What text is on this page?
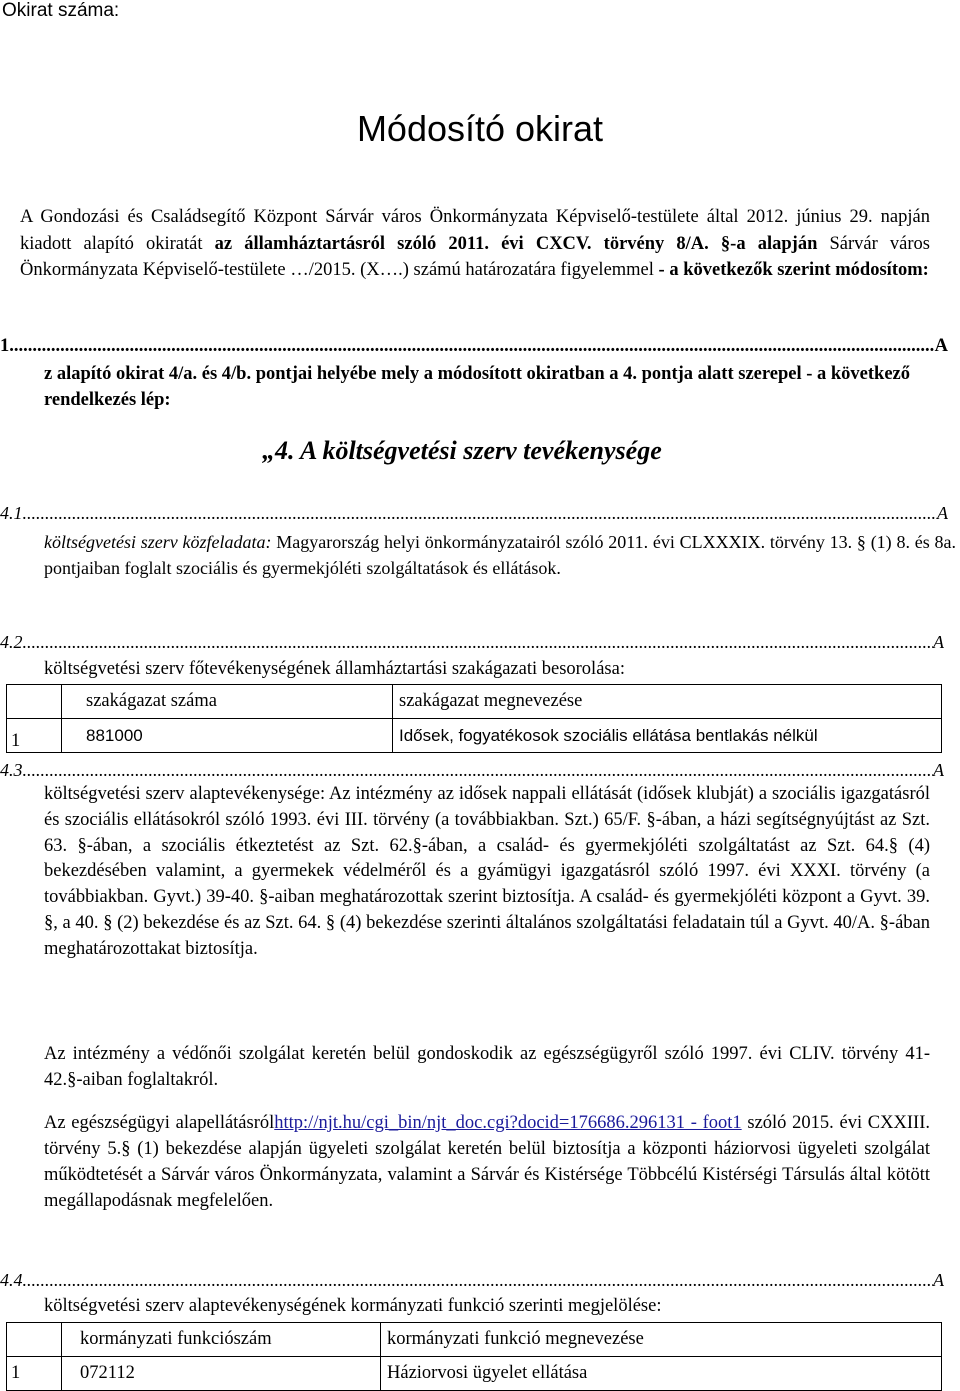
Okirat száma:
Módosító okirat
A Gondozási és Családsegítő Központ Sárvár város Önkormányzata Képviselő-testülete által 2012. június 29. napján kiadott alapító okiratát az államháztartásról szóló 2011. évi CXCV. törvény 8/A. §-a alapján Sárvár város Önkormányzata Képviselő-testülete …/2015. (X….) számú határozatára figyelemmel - a következők szerint módosítom:
1. .....	A
z alapító okirat 4/a. és 4/b. pontjai helyébe mely a módosított okiratban a 4. pontja alatt szerepel - a következő rendelkezés lép:
„4. A költségvetési szerv tevékenysége
4.1 .....	A
költségvetési szerv közfeladata: Magyarország helyi önkormányzatairól szóló 2011. évi CLXXXIX. törvény 13. § (1) 8. és 8a. pontjaiban foglalt szociális és gyermekjóléti szolgáltatások és ellátások.
4.2 .....	A
költségvetési szerv főtevékenységének államháztartási szakágazati besorolása:
	szakágazat száma	szakágazat megnevezése
1	881000	Idősek, fogyatékosok szociális ellátása bentlakás nélkül
4.3 .....	A
költségvetési szerv alaptevékenysége: Az intézmény az idősek nappali ellátását (idősek klubját) a szociális igazgatásról és szociális ellátásokról szóló 1993. évi III. törvény (a továbbiakban. Szt.) 65/F. §-ában, a házi segítségnyújtást az Szt. 63. §-ában, a szociális étkeztetést az Szt. 62.§-ában, a család- és gyermekjóléti szolgáltatást az Szt. 64.§ (4) bekezdésében valamint, a gyermekek védelméről és a gyámügyi igazgatásról szóló 1997. évi XXXI. törvény (a továbbiakban. Gyvt.) 39-40. §-aiban meghatározottak szerint biztosítja. A család- és gyermekjóléti központ a Gyvt. 39. §, a 40. § (2) bekezdése és az Szt. 64. § (4) bekezdése szerinti általános szolgáltatási feladatain túl a Gyvt. 40/A. §-ában meghatározottakat biztosítja.
Az intézmény a védőnői szolgálat keretén belül gondoskodik az egészségügyről szóló 1997. évi CLIV. törvény 41-42.§-aiban foglaltakról.
Az egészségügyi alapellátásrólhttp://njt.hu/cgi_bin/njt_doc.cgi?docid=176686.296131 - foot1 szóló 2015. évi CXXIII. törvény 5.§ (1) bekezdése alapján ügyeleti szolgálat keretén belül biztosítja a központi háziorvosi ügyeleti szolgálat működtetését a Sárvár város Önkormányzata, valamint a Sárvár és Kistérsége Többcélú Kistérségi Társulás által kötött megállapodásnak megfelelően.
4.4 .....	A
költségvetési szerv alaptevékenységének kormányzati funkció szerinti megjelölése:
	kormányzati funkciószám	kormányzati funkció megnevezése
1	072112	Háziorvosi ügyelet ellátása
